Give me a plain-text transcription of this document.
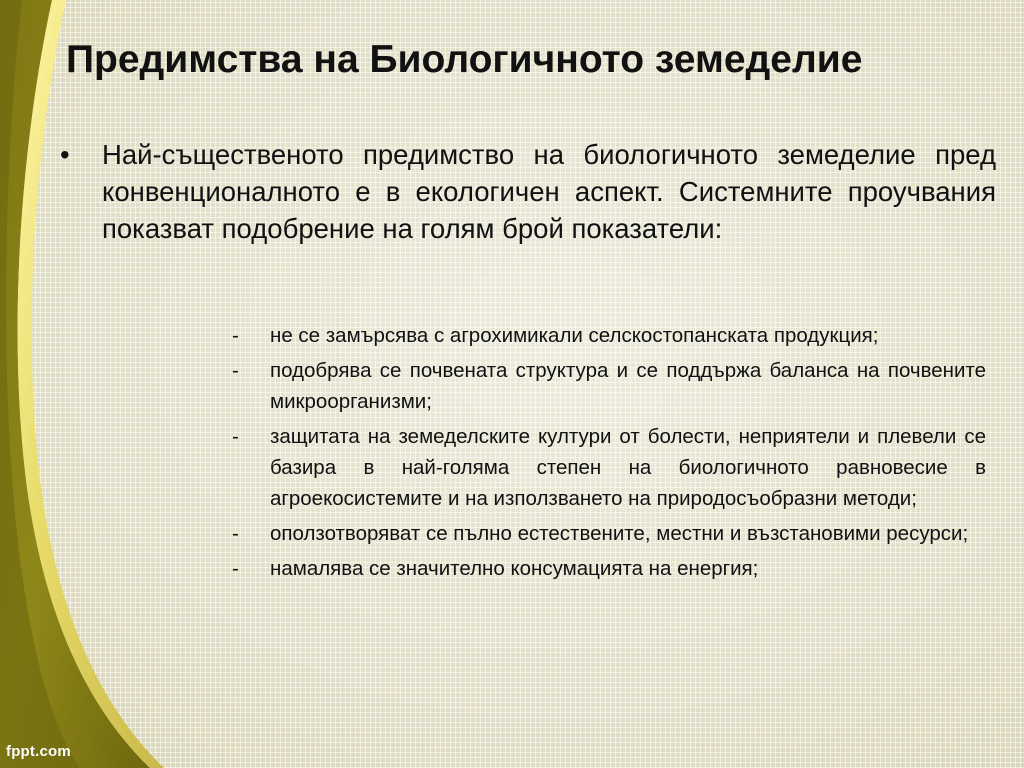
Предимства на Биологичното земеделие
•	Най-същественото предимство на биологичното земеделие пред конвенционалното е в екологичен аспект. Системните проучвания показват подобрение на голям брой показатели:
- не се замърсява с агрохимикали селскостопанската продукция;
- подобрява се почвената структура и се поддържа баланса на почвените микроорганизми;
- защитата на земеделските култури от болести, неприятели и плевели се базира в най-голяма степен на биологичното равновесие в агроекосистемите и на използването на природосъобразни методи;
- оползотворяват се пълно естествените, местни и възстановими ресурси;
- намалява се значително консумацията на енергия;
fppt.com
